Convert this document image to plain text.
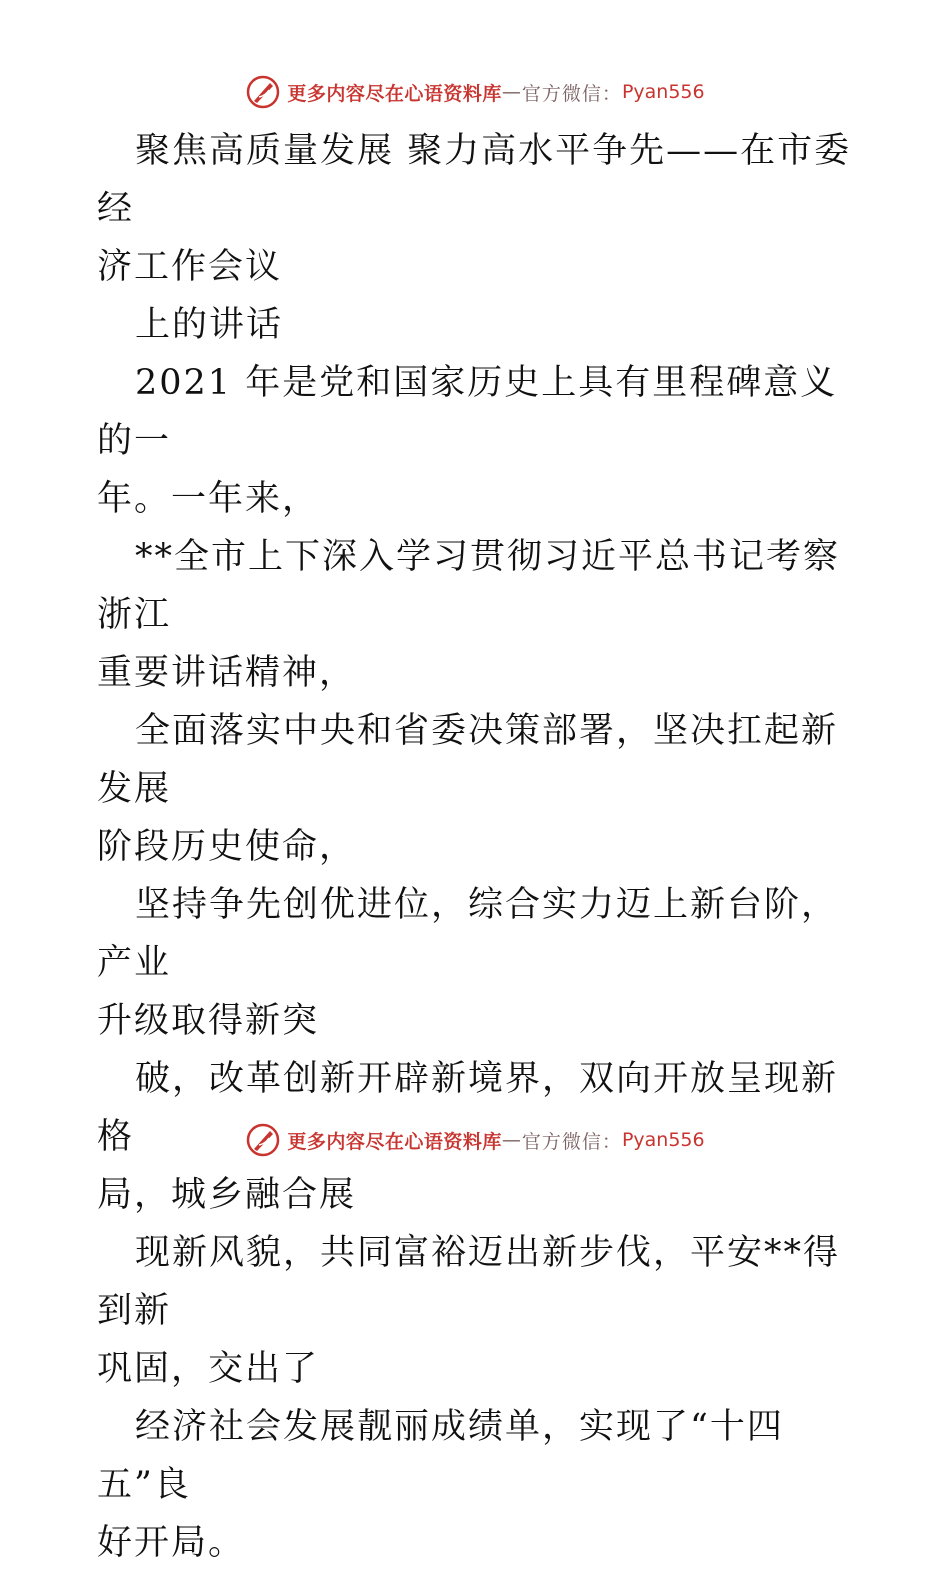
更多内容尽在心语资料库 — 官方微信： Pyan556

聚焦高质量发展 聚力高水平争先——在市委经

济工作会议

上的讲话

2021 年是党和国家历史上具有里程碑意义的一

年。一年来，

**全市上下深入学习贯彻习近平总书记考察浙江

重要讲话精神，

全面落实中央和省委决策部署，坚决扛起新发展

阶段历史使命，

坚持争先创优进位，综合实力迈上新台阶，产业

升级取得新突

破，改革创新开辟新境界，双向开放呈现新格

局，城乡融合展

现新风貌，共同富裕迈出新步伐，平安**得到新

巩固，交出了

经济社会发展靓丽成绩单，实现了“十四五”良

好开局。

更多内容尽在心语资料库 — 官方微信： Pyan556
